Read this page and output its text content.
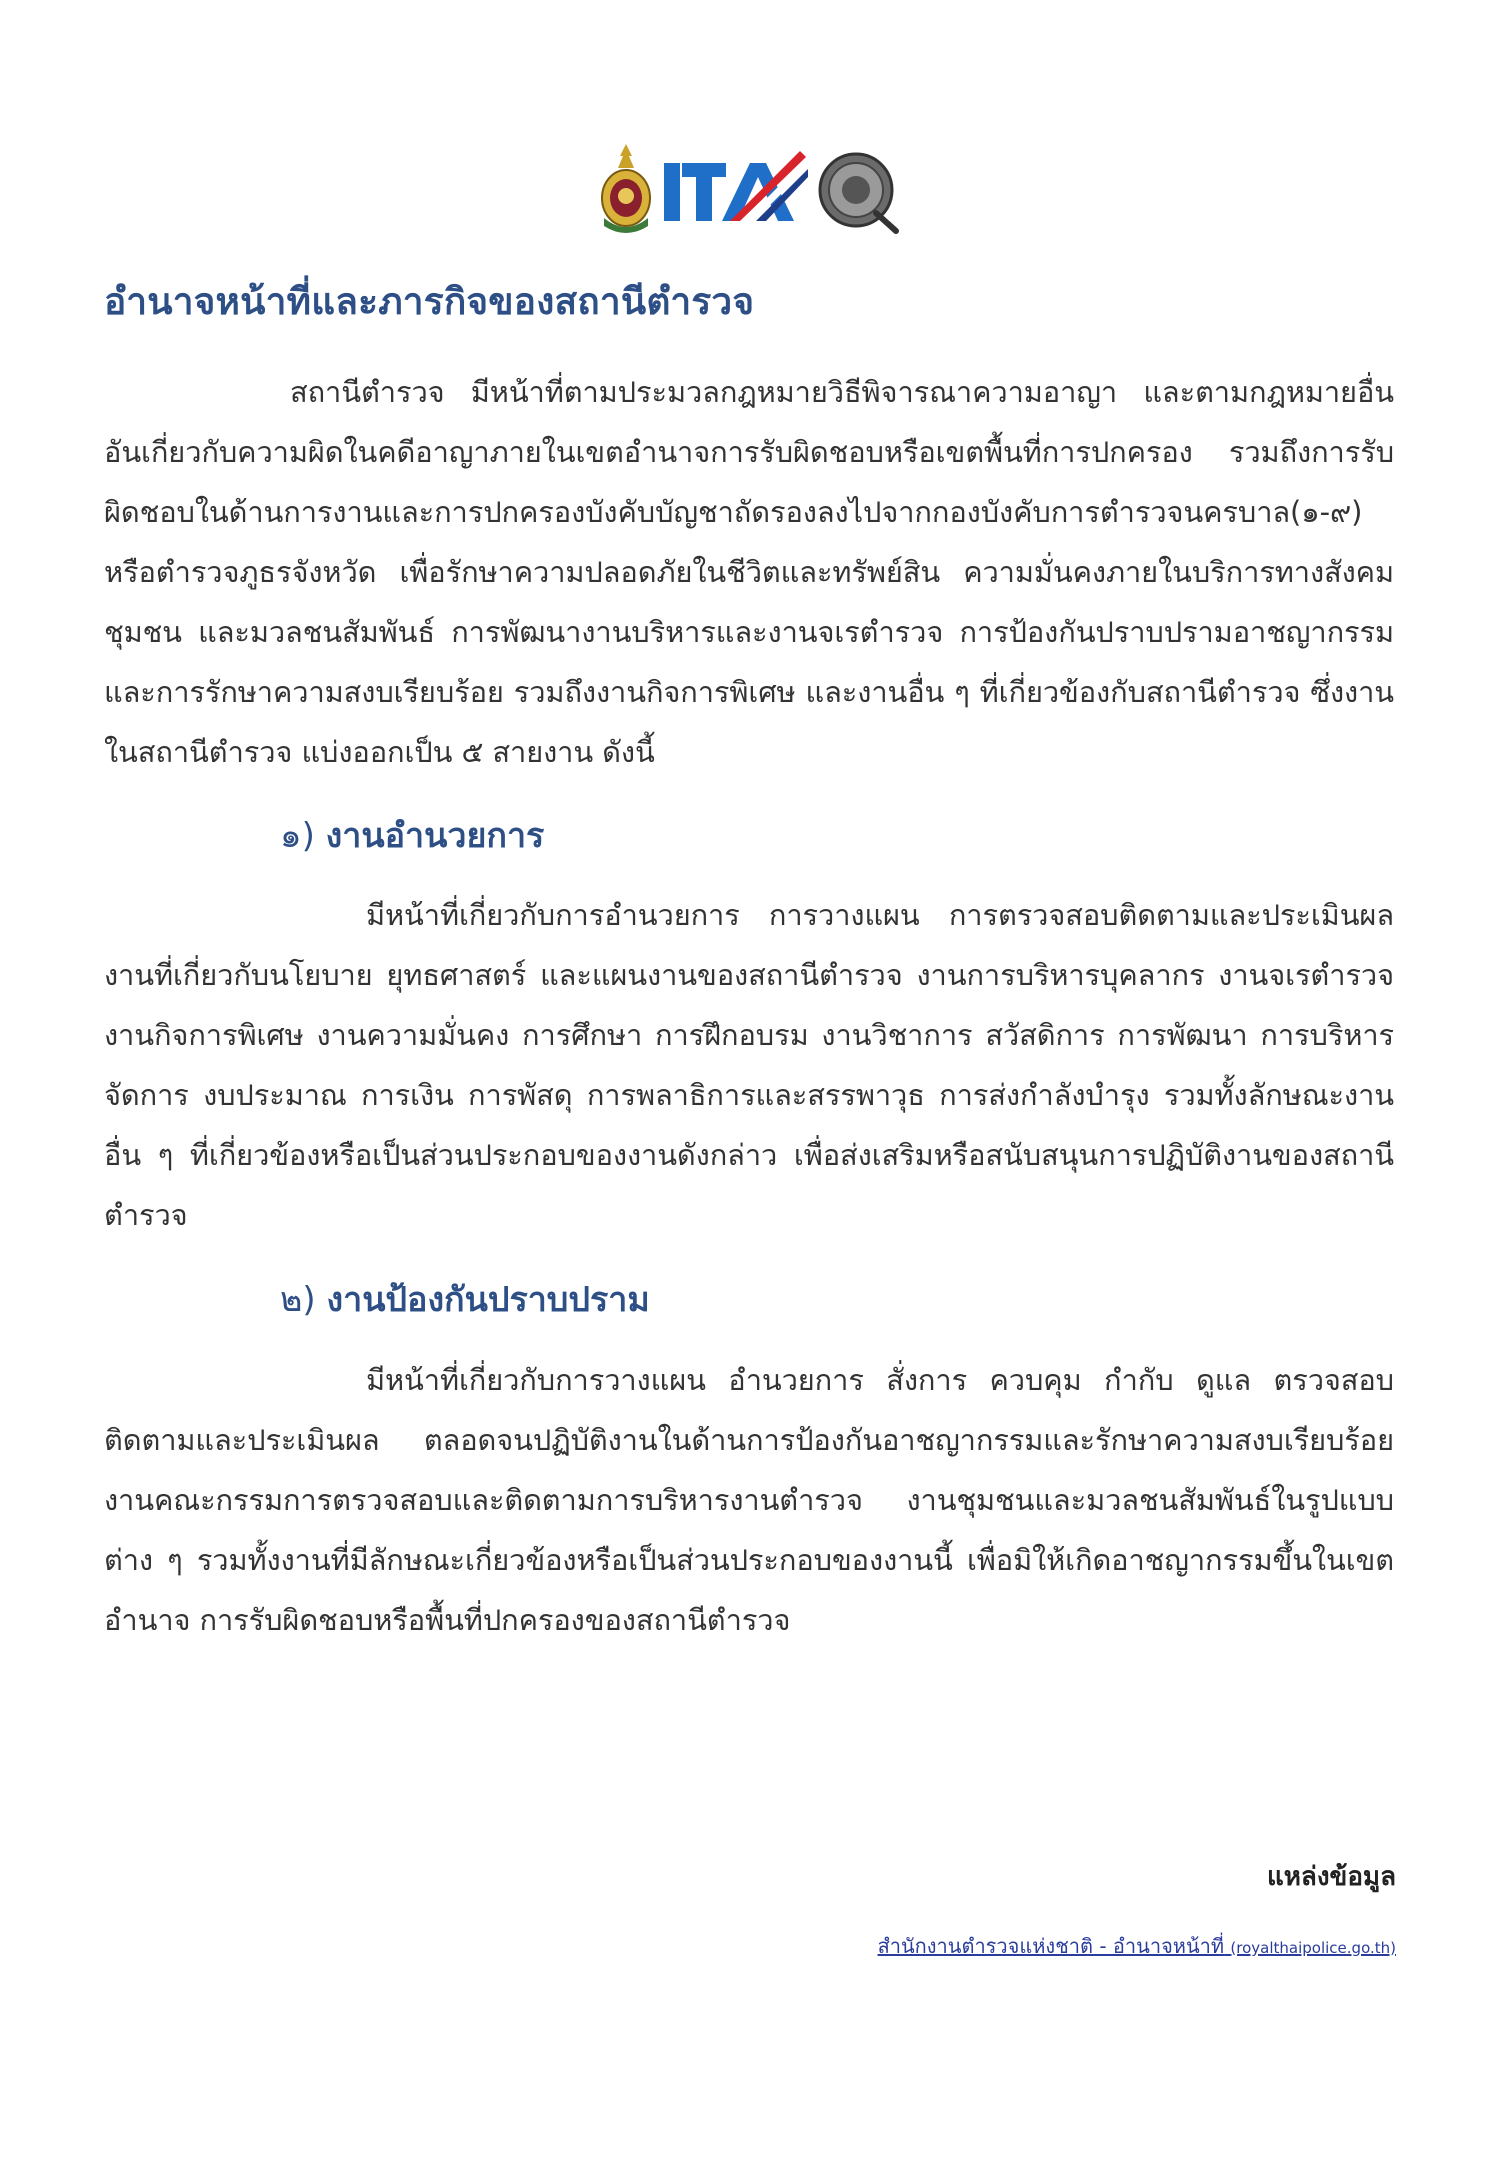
อำนาจหน้าที่และภารกิจของสถานีตำรวจ
สถานีตำรวจ มีหน้าที่ตามประมวลกฎหมายวิธีพิจารณาความอาญา และตามกฎหมายอื่นอันเกี่ยวกับความผิดในคดีอาญาภายในเขตอำนาจการรับผิดชอบหรือเขตพื้นที่การปกครอง รวมถึงการรับผิดชอบในด้านการงานและการปกครองบังคับบัญชาถัดรองลงไปจากกองบังคับการตำรวจนครบาล(๑-๙) หรือตำรวจภูธรจังหวัด เพื่อรักษาความปลอดภัยในชีวิตและทรัพย์สิน ความมั่นคงภายในบริการทางสังคม ชุมชน และมวลชนสัมพันธ์ การพัฒนางานบริหารและงานจเรตำรวจ การป้องกันปราบปรามอาชญากรรมและการรักษาความสงบเรียบร้อย รวมถึงงานกิจการพิเศษ และงานอื่น ๆ ที่เกี่ยวข้องกับสถานีตำรวจ ซึ่งงานในสถานีตำรวจ แบ่งออกเป็น ๕ สายงาน ดังนี้
๑) งานอำนวยการ
มีหน้าที่เกี่ยวกับการอำนวยการ การวางแผน การตรวจสอบติดตามและประเมินผลงานที่เกี่ยวกับนโยบาย ยุทธศาสตร์ และแผนงานของสถานีตำรวจ งานการบริหารบุคลากร งานจเรตำรวจงานกิจการพิเศษ งานความมั่นคง การศึกษา การฝึกอบรม งานวิชาการ สวัสดิการ การพัฒนา การบริหารจัดการ งบประมาณ การเงิน การพัสดุ การพลาธิการและสรรพาวุธ การส่งกำลังบำรุง รวมทั้งลักษณะงานอื่น ๆ ที่เกี่ยวข้องหรือเป็นส่วนประกอบของงานดังกล่าว เพื่อส่งเสริมหรือสนับสนุนการปฏิบัติงานของสถานีตำรวจ
๒) งานป้องกันปราบปราม
มีหน้าที่เกี่ยวกับการวางแผน อำนวยการ สั่งการ ควบคุม กำกับ ดูแล ตรวจสอบติดตามและประเมินผล ตลอดจนปฏิบัติงานในด้านการป้องกันอาชญากรรมและรักษาความสงบเรียบร้อยงานคณะกรรมการตรวจสอบและติดตามการบริหารงานตำรวจ งานชุมชนและมวลชนสัมพันธ์ในรูปแบบต่าง ๆ รวมทั้งงานที่มีลักษณะเกี่ยวข้องหรือเป็นส่วนประกอบของงานนี้ เพื่อมิให้เกิดอาชญากรรมขึ้นในเขตอำนาจ การรับผิดชอบหรือพื้นที่ปกครองของสถานีตำรวจ
แหล่งข้อมูล
สำนักงานตำรวจแห่งชาติ - อำนาจหน้าที่ (royalthaipolice.go.th)
